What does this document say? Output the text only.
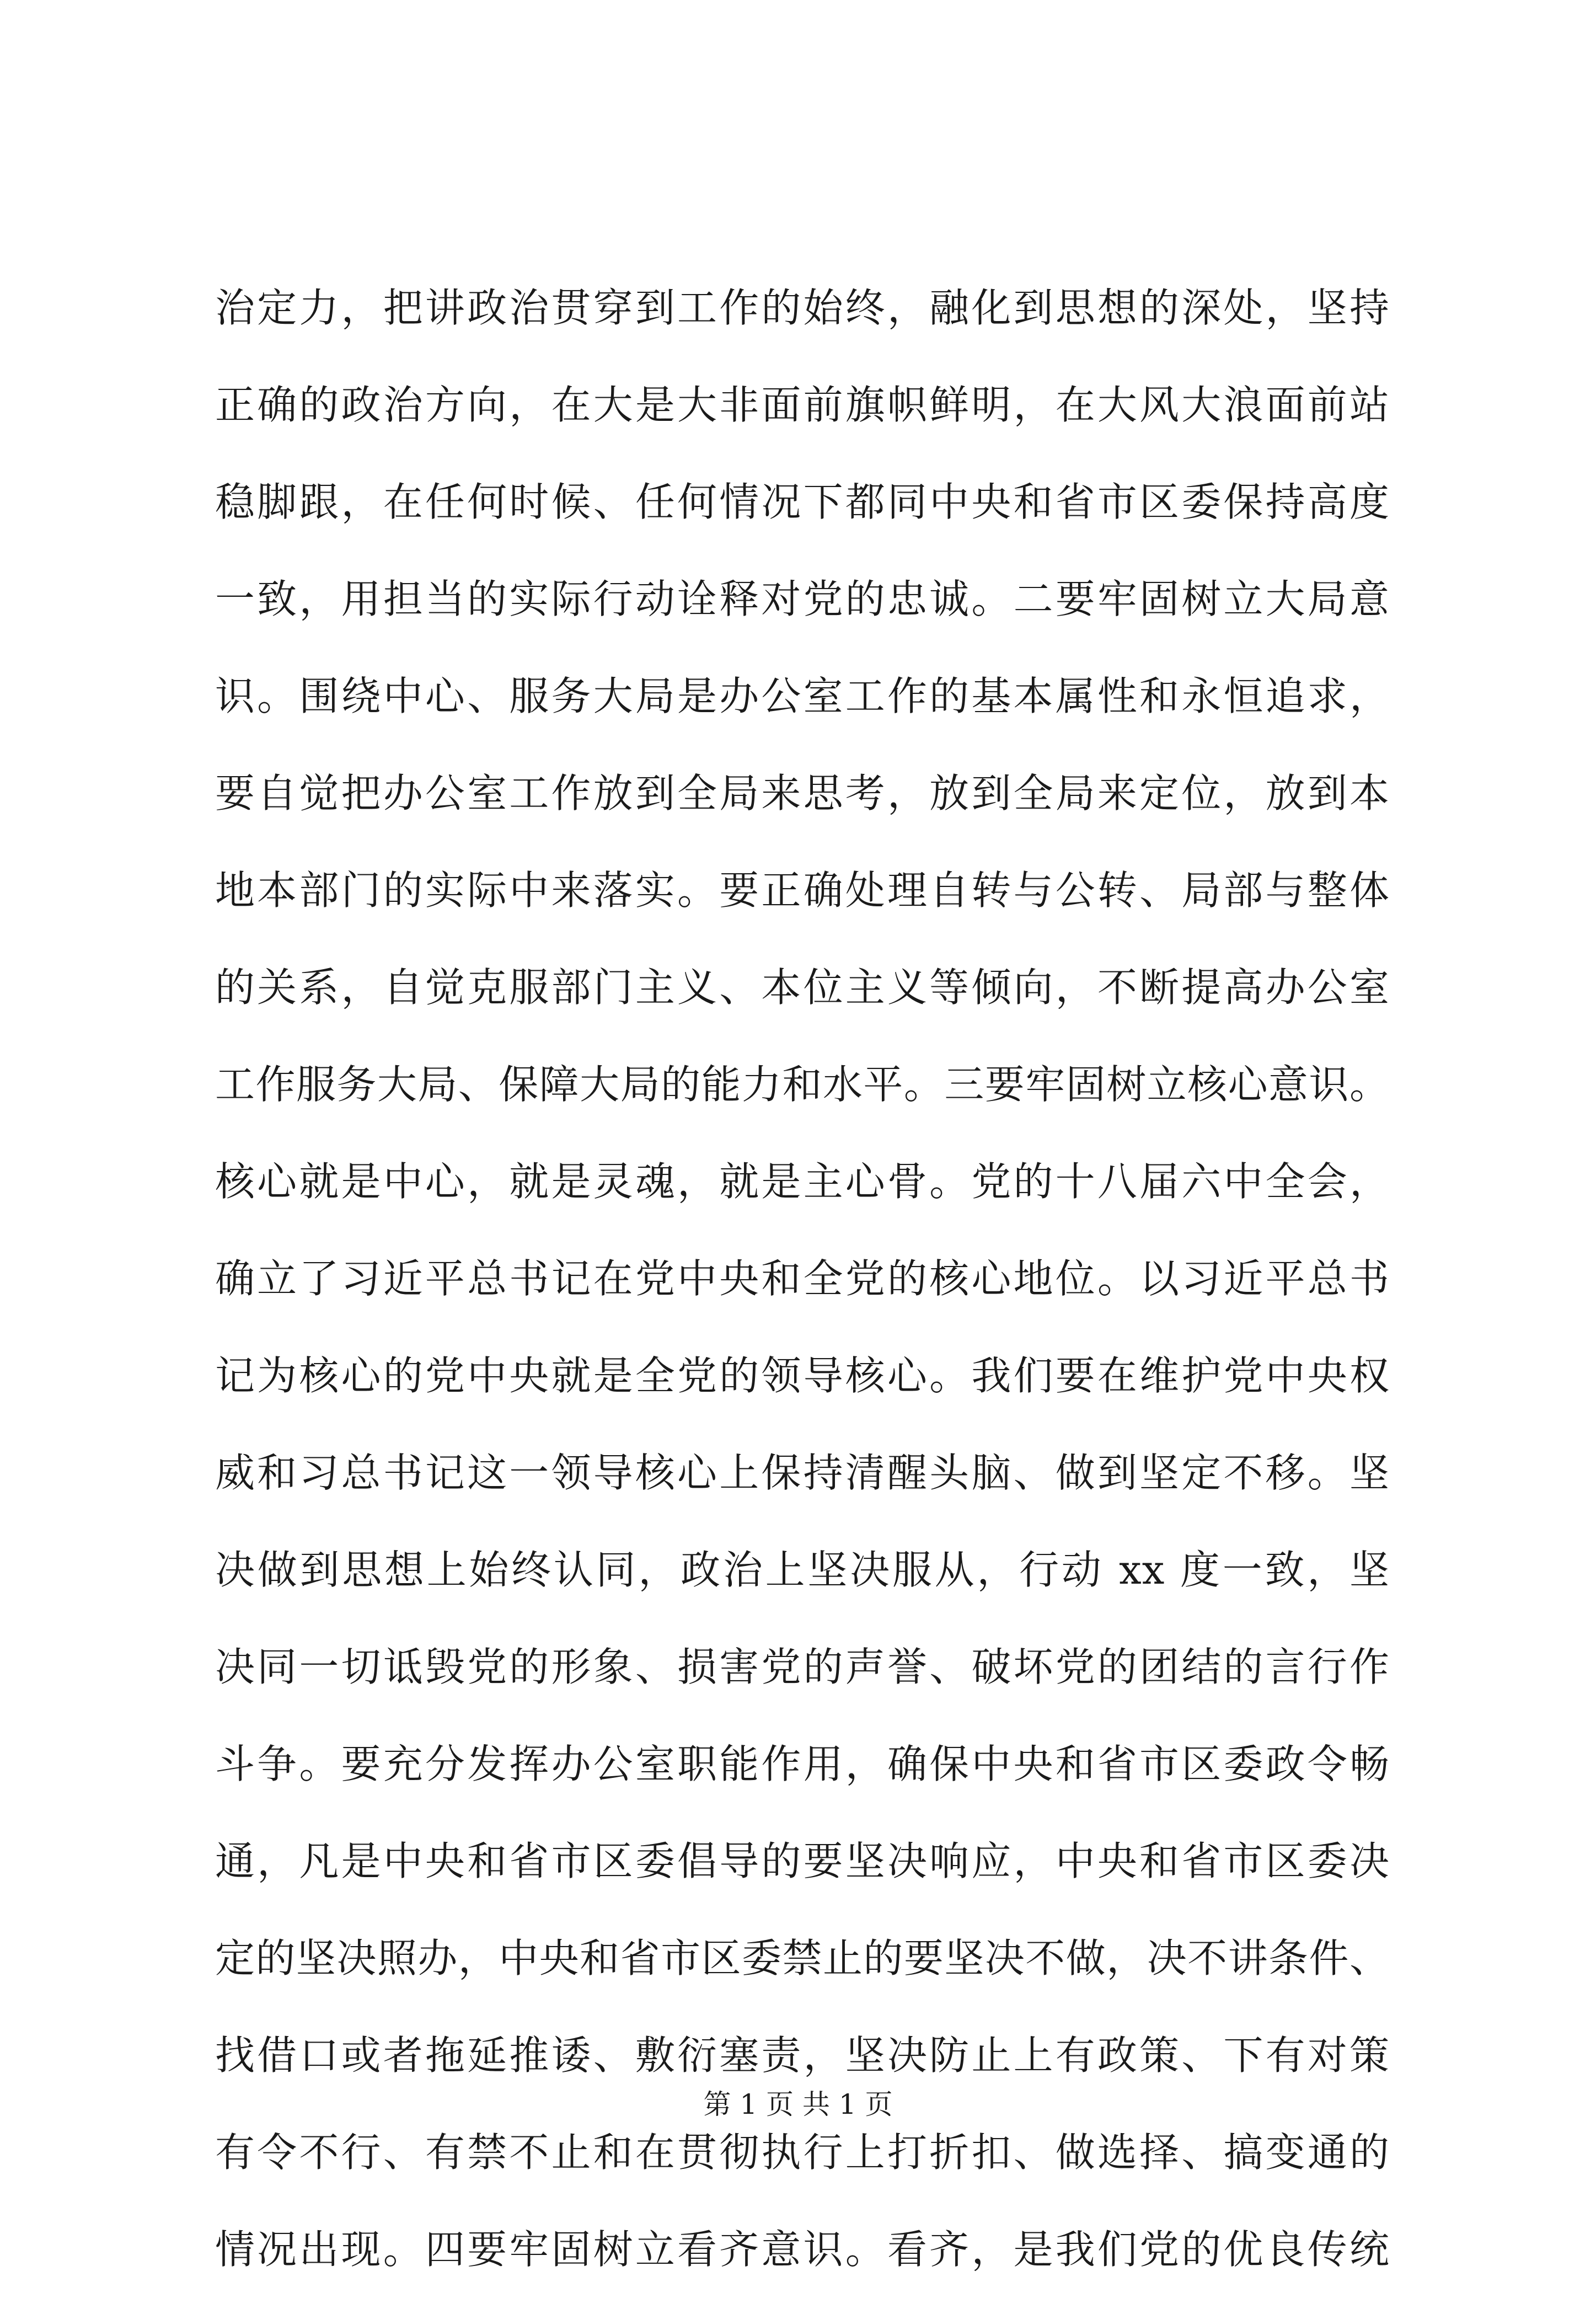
治定力，把讲政治贯穿到工作的始终，融化到思想的深处，坚持
正确的政治方向，在大是大非面前旗帜鲜明，在大风大浪面前站
稳脚跟，在任何时候、任何情况下都同中央和省市区委保持高度
一致，用担当的实际行动诠释对党的忠诚。二要牢固树立大局意
识。围绕中心、服务大局是办公室工作的基本属性和永恒追求，
要自觉把办公室工作放到全局来思考，放到全局来定位，放到本
地本部门的实际中来落实。要正确处理自转与公转、局部与整体
的关系，自觉克服部门主义、本位主义等倾向，不断提高办公室
工作服务大局、保障大局的能力和水平。三要牢固树立核心意识。
核心就是中心，就是灵魂，就是主心骨。党的十八届六中全会，
确立了习近平总书记在党中央和全党的核心地位。以习近平总书
记为核心的党中央就是全党的领导核心。我们要在维护党中央权
威和习总书记这一领导核心上保持清醒头脑、做到坚定不移。坚
决做到思想上始终认同，政治上坚决服从，行动 xx 度一致，坚
决同一切诋毁党的形象、损害党的声誉、破坏党的团结的言行作
斗争。要充分发挥办公室职能作用，确保中央和省市区委政令畅
通，凡是中央和省市区委倡导的要坚决响应，中央和省市区委决
定的坚决照办，中央和省市区委禁止的要坚决不做，决不讲条件、
找借口或者拖延推诿、敷衍塞责，坚决防止上有政策、下有对策
有令不行、有禁不止和在贯彻执行上打折扣、做选择、搞变通的
情况出现。四要牢固树立看齐意识。看齐，是我们党的优良传统
第 1 页 共 1 页
